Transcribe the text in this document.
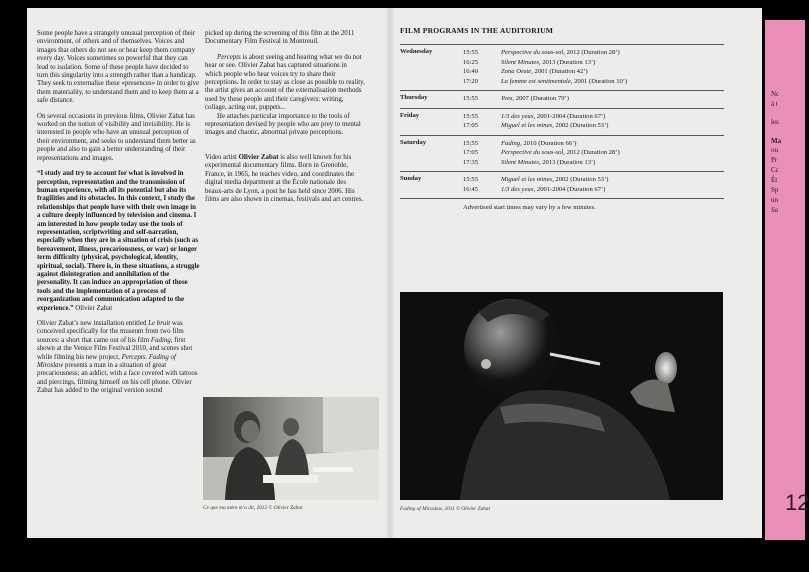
Some people have a strangely unusual perception of their environment, of others and of themselves. Voices and images that others do not see or hear keep them company every day. Voices sometimes so powerful that they can lead to isolation. Some of these people have decided to turn this singularity into a strength rather than a handicap. They seek to externalise these «presences» in order to give them materiality, to understand them and to keep them at a safe distance.

On several occasions in previous films, Olivier Zabat has worked on the notion of visibility and invisibility. He is interested in people who have an unusual perception of their environment, and seeks to understand them better as people and also to gain a better understanding of their representations and images.

“I study and try to account for what is involved in perception, representation and the transmission of human experience, with all its potential but also its fragilities and its obstacles. In this context, I study the relationships that people have with their own image in a culture deeply influenced by television and cinema. I am interested in how people today use the tools of representation, scriptwriting and self-narration, especially when they are in a situation of crisis (such as bereavement, illness, precariousness, or war) or longer term difficulty (physical, psychological, identity, spiritual, social). There is, in these situations, a struggle against disintegration and annihilation of the personality. It can induce an appropriation of those tools and the implementation of a process of reorganization and communication adapted to the experience.” Olivier Zabat

Olivier Zabat’s new installation entitled Le bruit was conceived specifically for the museum from two film sources: a short that came out of his film Fading, first shown at the Venice Film Festival 2010, and scenes shot while filming his new project, Percepts. Fading of Miroslaw presents a man in a situation of great precariousness; an addict, with a face covered with tattoos and piercings, filming himself on his cell phone. Olivier Zabat has added to the original version sound

picked up during the screening of this film at the 2011 Documentary Film Festival in Montreuil.

Percepts is about seeing and hearing what we do not hear or see. Olivier Zabat has captured situations in which people who hear voices try to share their perceptions. In order to stay as close as possible to reality, the artist gives an account of the externalisation methods used by these people and their caregivers: writing, collage, acting out, puppets...

He attaches particular importance to the tools of representation devised by people who are prey to mental images and chaotic, abnormal private perceptions.

Video artist Olivier Zabat is also well known for his experimental documentary films. Born in Grenoble, France, in 1965, he teaches video, and coordinates the digital media department at the École nationale des beaux-arts de Lyon, a post he has held since 2006. His films are also shown in cinemas, festivals and art centres.

Ce que ma mère m’a dit, 2015 © Olivier Zabat
FILM PROGRAMS IN THE AUDITORIUM
Wednesday	15:55	Perspective du sous-sol, 2012 (Duration 28’)
16:25	Silent Minutes, 2013 (Duration 13’)
16:40	Zona Oeste, 2001 (Duration 42’)
17:20	La femme est sentimentale, 2001 (Duration 10’)
Thursday	15:55	Yves, 2007 (Duration 79’)
Friday	15:55	1/3 des yeux, 2001-2004 (Duration 67’)
17:05	Miguel et les mines, 2002 (Duration 53’)
Saturday	15:55	Fading, 2010 (Duration 66’)
17:05	Perspective du sous-sol, 2012 (Duration 28’)
17:35	Silent Minutes, 2013 (Duration 13’)
Sunday	15:55	Miguel et les mines, 2002 (Duration 53’)
16:45	1/3 des yeux, 2001-2004 (Duration 67’)
Advertised start times may vary by a few minutes.
Fading of Miroslaw, 2011 © Olivier Zabat
Nc
à t
les
Ma
ou
Pr
Cc
Ét
Sp
un
Sa
12
